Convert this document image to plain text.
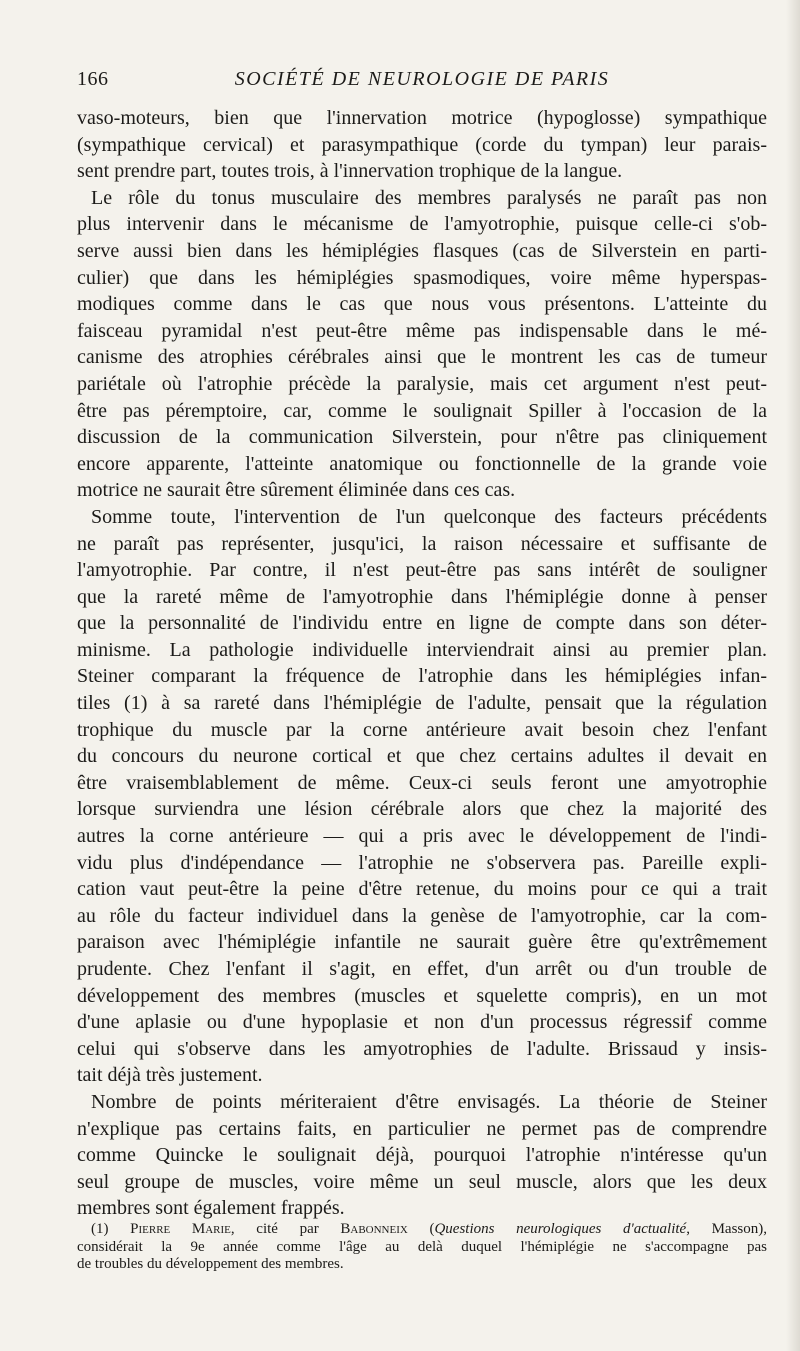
166	SOCIÉTÉ DE NEUROLOGIE DE PARIS
vaso-moteurs, bien que l'innervation motrice (hypoglosse) sympathique
(sympathique cervical) et parasympathique (corde du tympan) leur parais-
sent prendre part, toutes trois, à l'innervation trophique de la langue.
Le rôle du tonus musculaire des membres paralysés ne paraît pas non
plus intervenir dans le mécanisme de l'amyotrophie, puisque celle-ci s'ob-
serve aussi bien dans les hémiplégies flasques (cas de Silverstein en parti-
culier) que dans les hémiplégies spasmodiques, voire même hyperspas-
modiques comme dans le cas que nous vous présentons. L'atteinte du
faisceau pyramidal n'est peut-être même pas indispensable dans le mé-
canisme des atrophies cérébrales ainsi que le montrent les cas de tumeur
pariétale où l'atrophie précède la paralysie, mais cet argument n'est peut-
être pas péremptoire, car, comme le soulignait Spiller à l'occasion de la
discussion de la communication Silverstein, pour n'être pas cliniquement
encore apparente, l'atteinte anatomique ou fonctionnelle de la grande voie
motrice ne saurait être sûrement éliminée dans ces cas.
Somme toute, l'intervention de l'un quelconque des facteurs précédents
ne paraît pas représenter, jusqu'ici, la raison nécessaire et suffisante de
l'amyotrophie. Par contre, il n'est peut-être pas sans intérêt de souligner
que la rareté même de l'amyotrophie dans l'hémiplégie donne à penser
que la personnalité de l'individu entre en ligne de compte dans son déter-
minisme. La pathologie individuelle interviendrait ainsi au premier plan.
Steiner comparant la fréquence de l'atrophie dans les hémiplégies infan-
tiles (1) à sa rareté dans l'hémiplégie de l'adulte, pensait que la régulation
trophique du muscle par la corne antérieure avait besoin chez l'enfant
du concours du neurone cortical et que chez certains adultes il devait en
être vraisemblablement de même. Ceux-ci seuls feront une amyotrophie
lorsque surviendra une lésion cérébrale alors que chez la majorité des
autres la corne antérieure — qui a pris avec le développement de l'indi-
vidu plus d'indépendance — l'atrophie ne s'observera pas. Pareille expli-
cation vaut peut-être la peine d'être retenue, du moins pour ce qui a trait
au rôle du facteur individuel dans la genèse de l'amyotrophie, car la com-
paraison avec l'hémiplégie infantile ne saurait guère être qu'extrêmement
prudente. Chez l'enfant il s'agit, en effet, d'un arrêt ou d'un trouble de
développement des membres (muscles et squelette compris), en un mot
d'une aplasie ou d'une hypoplasie et non d'un processus régressif comme
celui qui s'observe dans les amyotrophies de l'adulte. Brissaud y insis-
tait déjà très justement.
Nombre de points mériteraient d'être envisagés. La théorie de Steiner
n'explique pas certains faits, en particulier ne permet pas de comprendre
comme Quincke le soulignait déjà, pourquoi l'atrophie n'intéresse qu'un
seul groupe de muscles, voire même un seul muscle, alors que les deux
membres sont également frappés.
(1) Pierre Marie, cité par Babonneix (Questions neurologiques d'actualité, Masson),
considérait la 9e année comme l'âge au delà duquel l'hémiplégie ne s'accompagne pas
de troubles du développement des membres.
